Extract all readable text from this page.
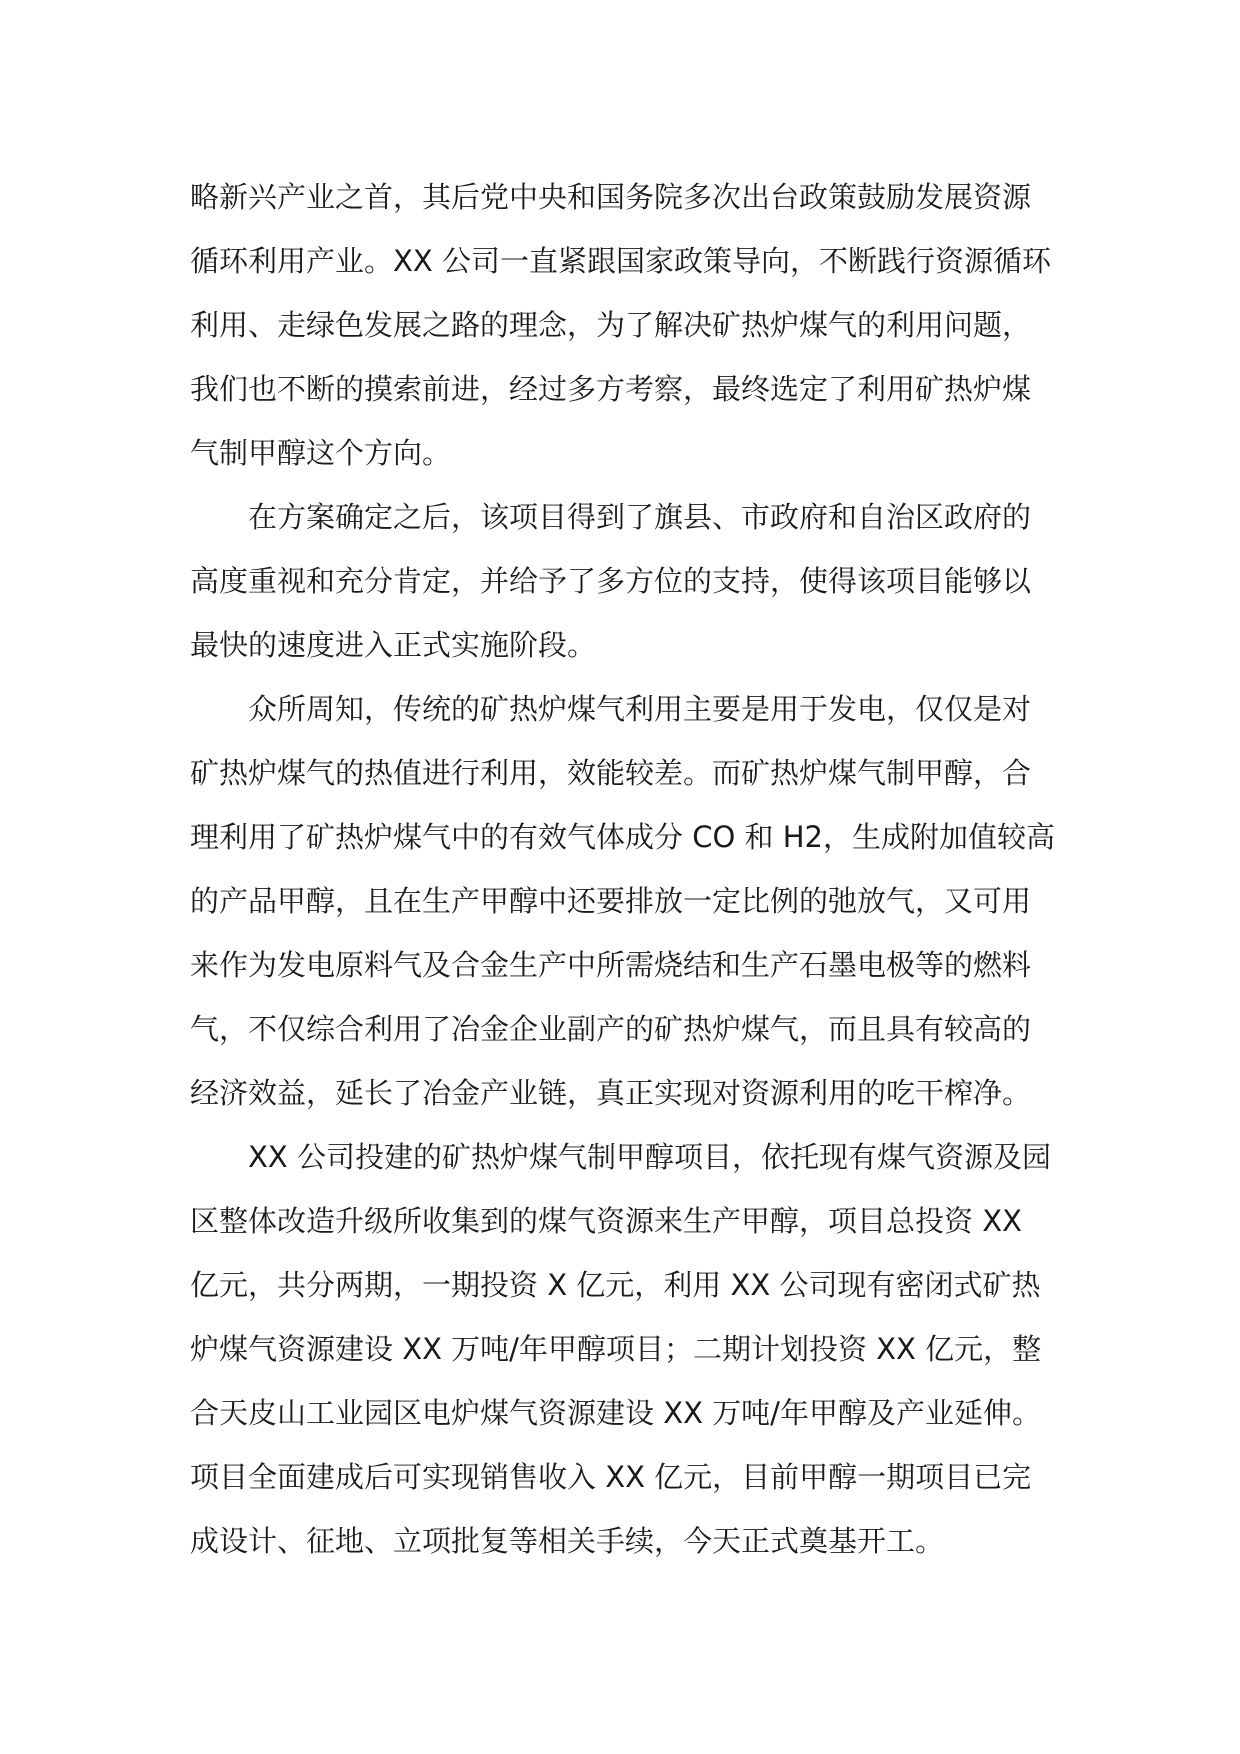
略新兴产业之首，其后党中央和国务院多次出台政策鼓励发展资源
循环利用产业。XX 公司一直紧跟国家政策导向，不断践行资源循环
利用、走绿色发展之路的理念，为了解决矿热炉煤气的利用问题，
我们也不断的摸索前进，经过多方考察，最终选定了利用矿热炉煤
气制甲醇这个方向。
在方案确定之后，该项目得到了旗县、市政府和自治区政府的
高度重视和充分肯定，并给予了多方位的支持，使得该项目能够以
最快的速度进入正式实施阶段。
众所周知，传统的矿热炉煤气利用主要是用于发电，仅仅是对
矿热炉煤气的热值进行利用，效能较差。而矿热炉煤气制甲醇，合
理利用了矿热炉煤气中的有效气体成分 CO 和 H2，生成附加值较高
的产品甲醇，且在生产甲醇中还要排放一定比例的弛放气，又可用
来作为发电原料气及合金生产中所需烧结和生产石墨电极等的燃料
气，不仅综合利用了冶金企业副产的矿热炉煤气，而且具有较高的
经济效益，延长了冶金产业链，真正实现对资源利用的吃干榨净。
XX 公司投建的矿热炉煤气制甲醇项目，依托现有煤气资源及园
区整体改造升级所收集到的煤气资源来生产甲醇，项目总投资 XX
亿元，共分两期，一期投资 X 亿元，利用 XX 公司现有密闭式矿热
炉煤气资源建设 XX 万吨/年甲醇项目；二期计划投资 XX 亿元，整
合天皮山工业园区电炉煤气资源建设 XX 万吨/年甲醇及产业延伸。
项目全面建成后可实现销售收入 XX 亿元，目前甲醇一期项目已完
成设计、征地、立项批复等相关手续，今天正式奠基开工。
